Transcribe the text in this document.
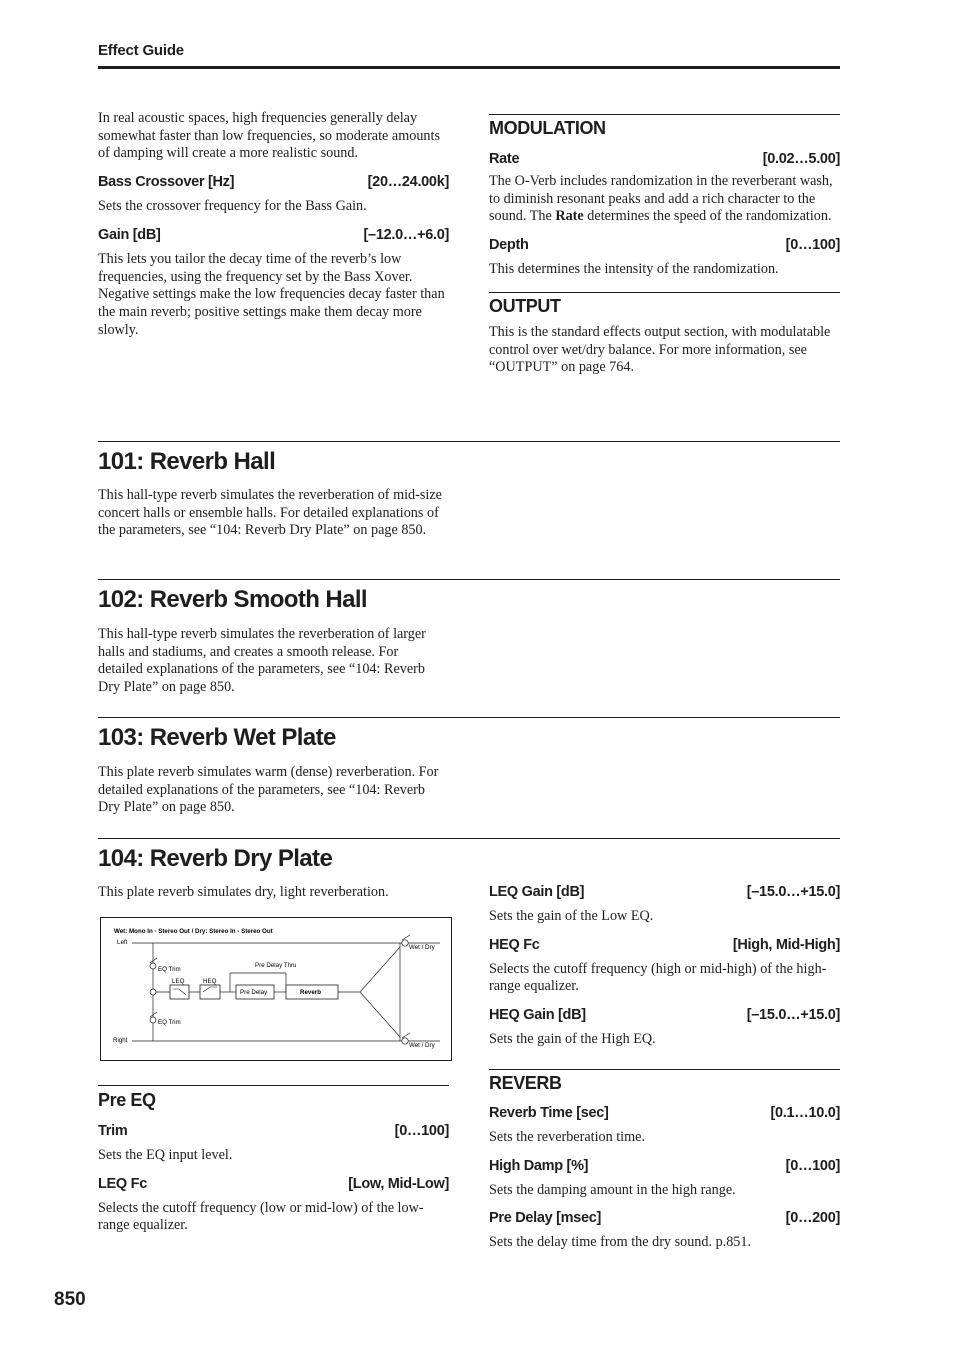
Effect Guide

In real acoustic spaces, high frequencies generally delay somewhat faster than low frequencies, so moderate amounts of damping will create a more realistic sound.

Bass Crossover [Hz]	[20…24.00k]

Sets the crossover frequency for the Bass Gain.

Gain [dB]	[–12.0…+6.0]

This lets you tailor the decay time of the reverb’s low frequencies, using the frequency set by the Bass Xover. Negative settings make the low frequencies decay faster than the main reverb; positive settings make them decay more slowly.

MODULATION
Rate	[0.02…5.00]

The O-Verb includes randomization in the reverberant wash, to diminish resonant peaks and add a rich character to the sound. The Rate determines the speed of the randomization.

Depth	[0…100]

This determines the intensity of the randomization.

OUTPUT

This is the standard effects output section, with modulatable control over wet/dry balance. For more information, see “OUTPUT” on page 764.

101: Reverb Hall

This hall-type reverb simulates the reverberation of mid-size concert halls or ensemble halls. For detailed explanations of the parameters, see “104: Reverb Dry Plate” on page 850.

102: Reverb Smooth Hall

This hall-type reverb simulates the reverberation of larger halls and stadiums, and creates a smooth release. For detailed explanations of the parameters, see “104: Reverb Dry Plate” on page 850.

103: Reverb Wet Plate

This plate reverb simulates warm (dense) reverberation. For detailed explanations of the parameters, see “104: Reverb Dry Plate” on page 850.

104: Reverb Dry Plate

This plate reverb simulates dry, light reverberation.

Wet: Mono In - Stereo Out / Dry: Stereo In - Stereo Out
Left
Right
EQ Trim
EQ Trim
LEQ	HEQ
Pre Delay Thru
Pre Delay	Reverb
Wet / Dry
Wet / Dry
Pre EQ
Trim	[0…100]

Sets the EQ input level.

LEQ Fc	[Low, Mid-Low]

Selects the cutoff frequency (low or mid-low) of the low-range equalizer.

LEQ Gain [dB]	[–15.0…+15.0]

Sets the gain of the Low EQ.

HEQ Fc	[High, Mid-High]

Selects the cutoff frequency (high or mid-high) of the high-range equalizer.

HEQ Gain [dB]	[–15.0…+15.0]

Sets the gain of the High EQ.

REVERB
Reverb Time [sec]	[0.1…10.0]

Sets the reverberation time.

High Damp [%]	[0…100]

Sets the damping amount in the high range.

Pre Delay [msec]	[0…200]

Sets the delay time from the dry sound. p.851.

850
